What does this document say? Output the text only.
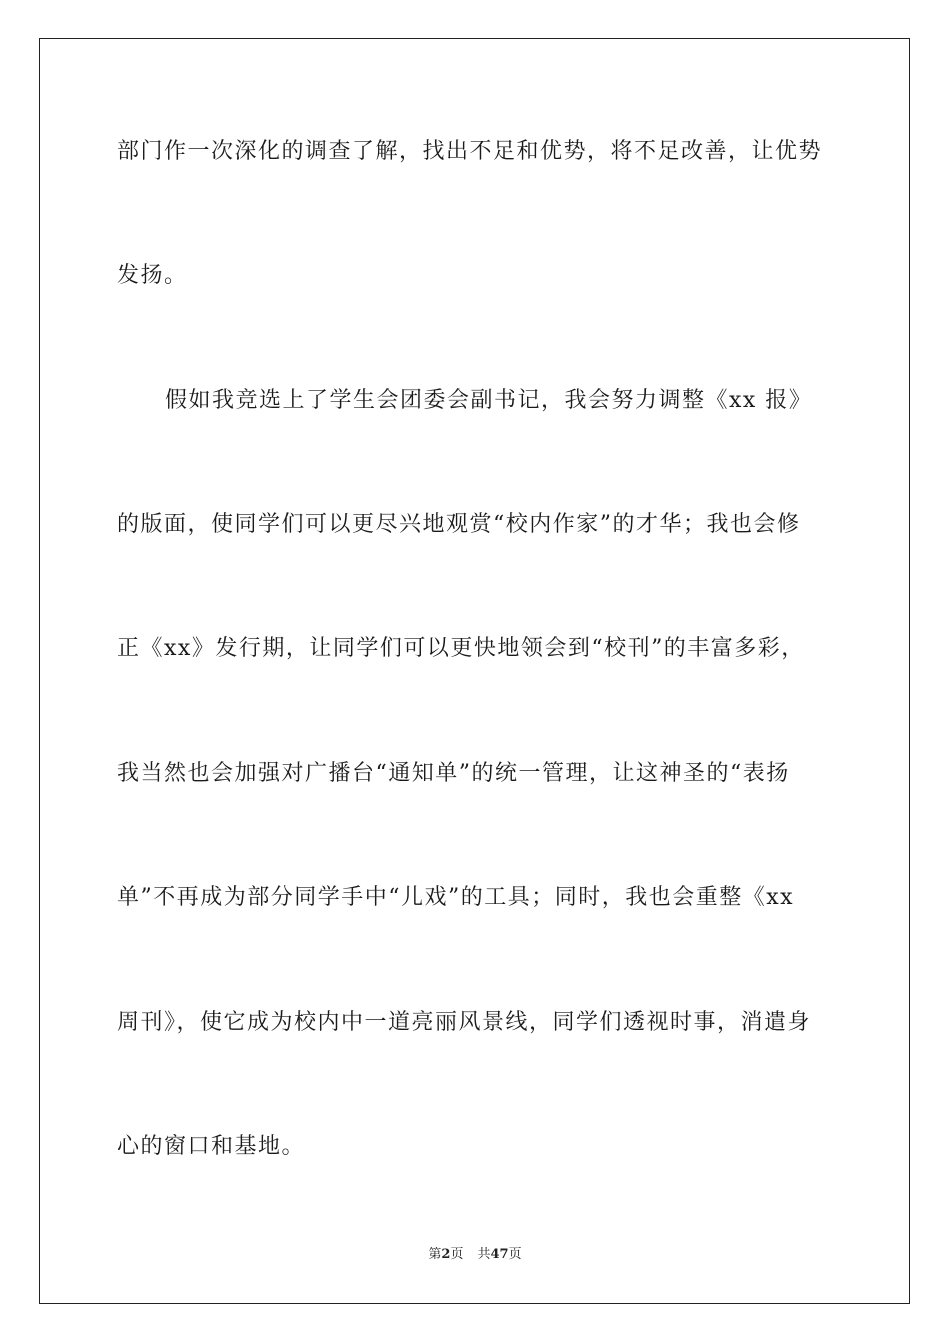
部门作一次深化的调查了解，找出不足和优势，将不足改善，让优势
发扬。
假如我竞选上了学生会团委会副书记，我会努力调整《xx 报》
的版面，使同学们可以更尽兴地观赏“校内作家”的才华；我也会修
正《xx》发行期，让同学们可以更快地领会到“校刊”的丰富多彩，
我当然也会加强对广播台“通知单”的统一管理，让这神圣的“表扬
单”不再成为部分同学手中“儿戏”的工具；同时，我也会重整《xx
周刊》，使它成为校内中一道亮丽风景线，同学们透视时事，消遣身
心的窗口和基地。
第2页 共47页
